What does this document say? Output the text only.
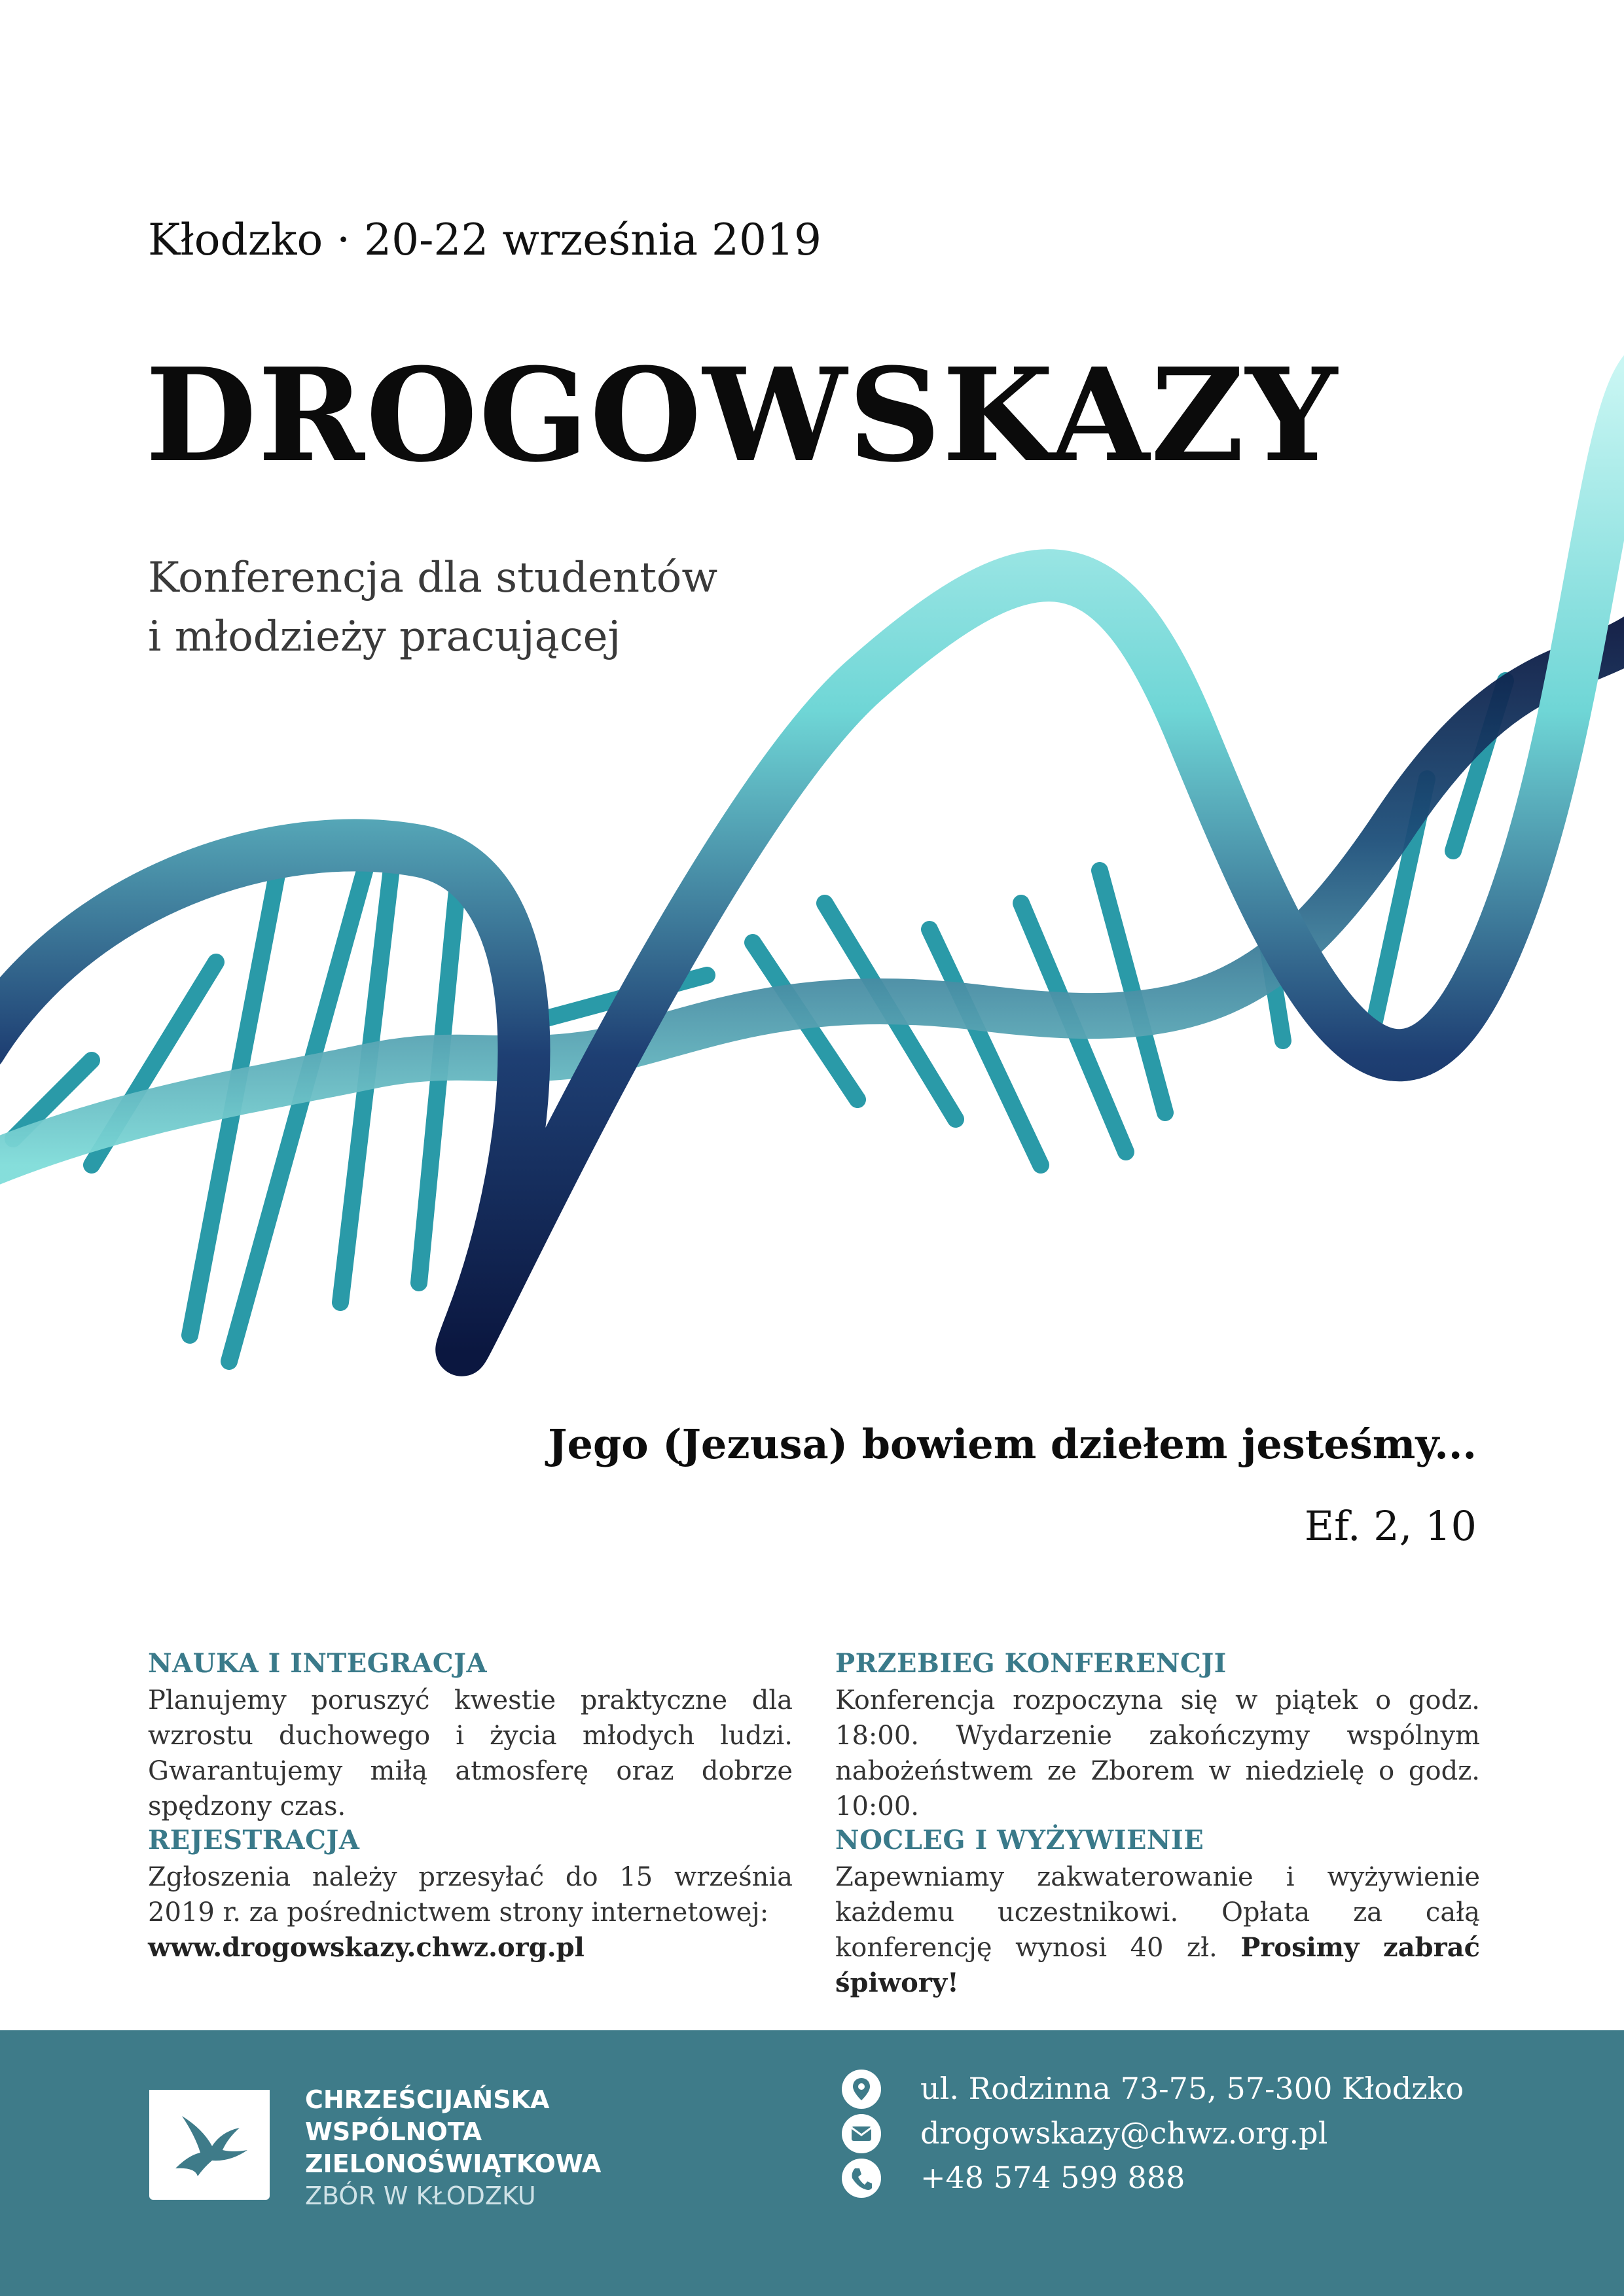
Kłodzko · 20-22 września 2019
DROGOWSKAZY
Konferencja dla studentów
i młodzieży pracującej
Jego (Jezusa) bowiem dziełem jesteśmy...
Ef. 2, 10
NAUKA I INTEGRACJA

Planujemy poruszyć kwestie praktyczne dla wzrostu duchowego i życia młodych ludzi. Gwarantujemy miłą atmosferę oraz dobrze spędzony czas.

PRZEBIEG KONFERENCJI

Konferencja rozpoczyna się w piątek o godz. 18:00. Wydarzenie zakończymy wspólnym nabożeństwem ze Zborem w niedzielę o godz. 10:00.

REJESTRACJA

Zgłoszenia należy przesyłać do 15 września 2019 r. za pośrednictwem strony internetowej:
www.drogowskazy.chwz.org.pl

NOCLEG I WYŻYWIENIE

Zapewniamy zakwaterowanie i wyżywienie każdemu uczestnikowi. Opłata za całą konferencję wynosi 40 zł. Prosimy zabrać śpiwory!

CHRZEŚCIJAŃSKA
WSPÓLNOTA
ZIELONOŚWIĄTKOWA
ZBÓR W KŁODZKU
ul. Rodzinna 73-75, 57-300 Kłodzko
drogowskazy@chwz.org.pl
+48 574 599 888
